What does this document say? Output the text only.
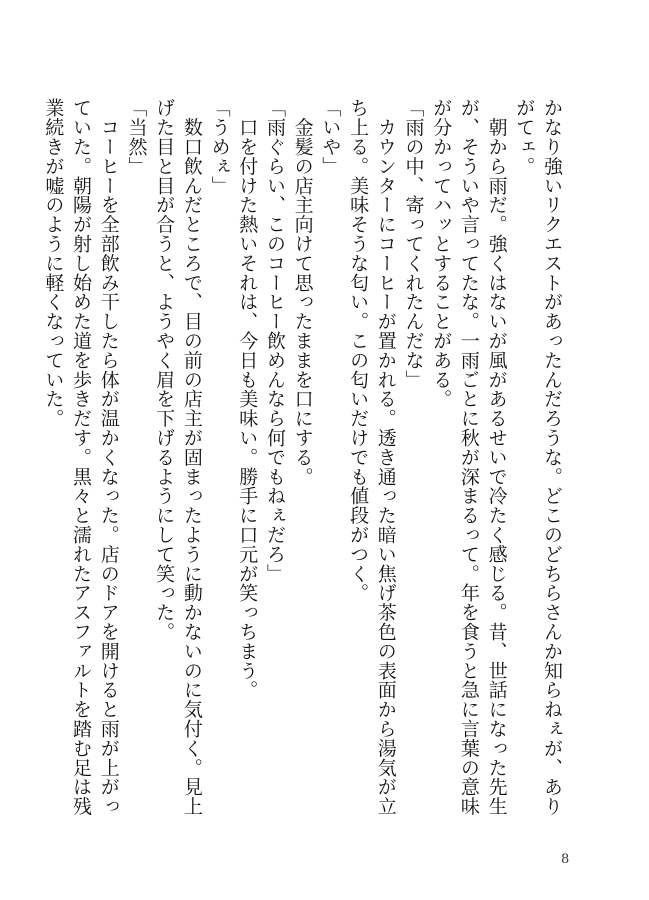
かなり強いリクエストがあったんだろうな。どこのどちらさんか知らねぇが、ありがてェ。

　朝から雨だ。強くはないが風があるせいで冷たく感じる。昔、世話になった先生が、そういや言ってたな。一雨ごとに秋が深まるって。年を食うと急に言葉の意味が分かってハッとすることがある。

「雨の中、寄ってくれたんだな」

　カウンターにコーヒーが置かれる。透き通った暗い焦げ茶色の表面から湯気が立ち上る。美味そうな匂い。この匂いだけでも値段がつく。

「いや」

　金髪の店主向けて思ったままを口にする。

「雨ぐらい、このコーヒー飲めんなら何でもねぇだろ」

　口を付けた熱いそれは、今日も美味い。勝手に口元が笑っちまう。

「うめぇ」

　数口飲んだところで、目の前の店主が固まったように動かないのに気付く。見上げた目と目が合うと、ようやく眉を下げるようにして笑った。

「当然」

　コーヒーを全部飲み干したら体が温かくなった。店のドアを開けると雨が上がっていた。朝陽が射し始めた道を歩きだす。黒々と濡れたアスファルトを踏む足は残業続きが嘘のように軽くなっていた。

8
